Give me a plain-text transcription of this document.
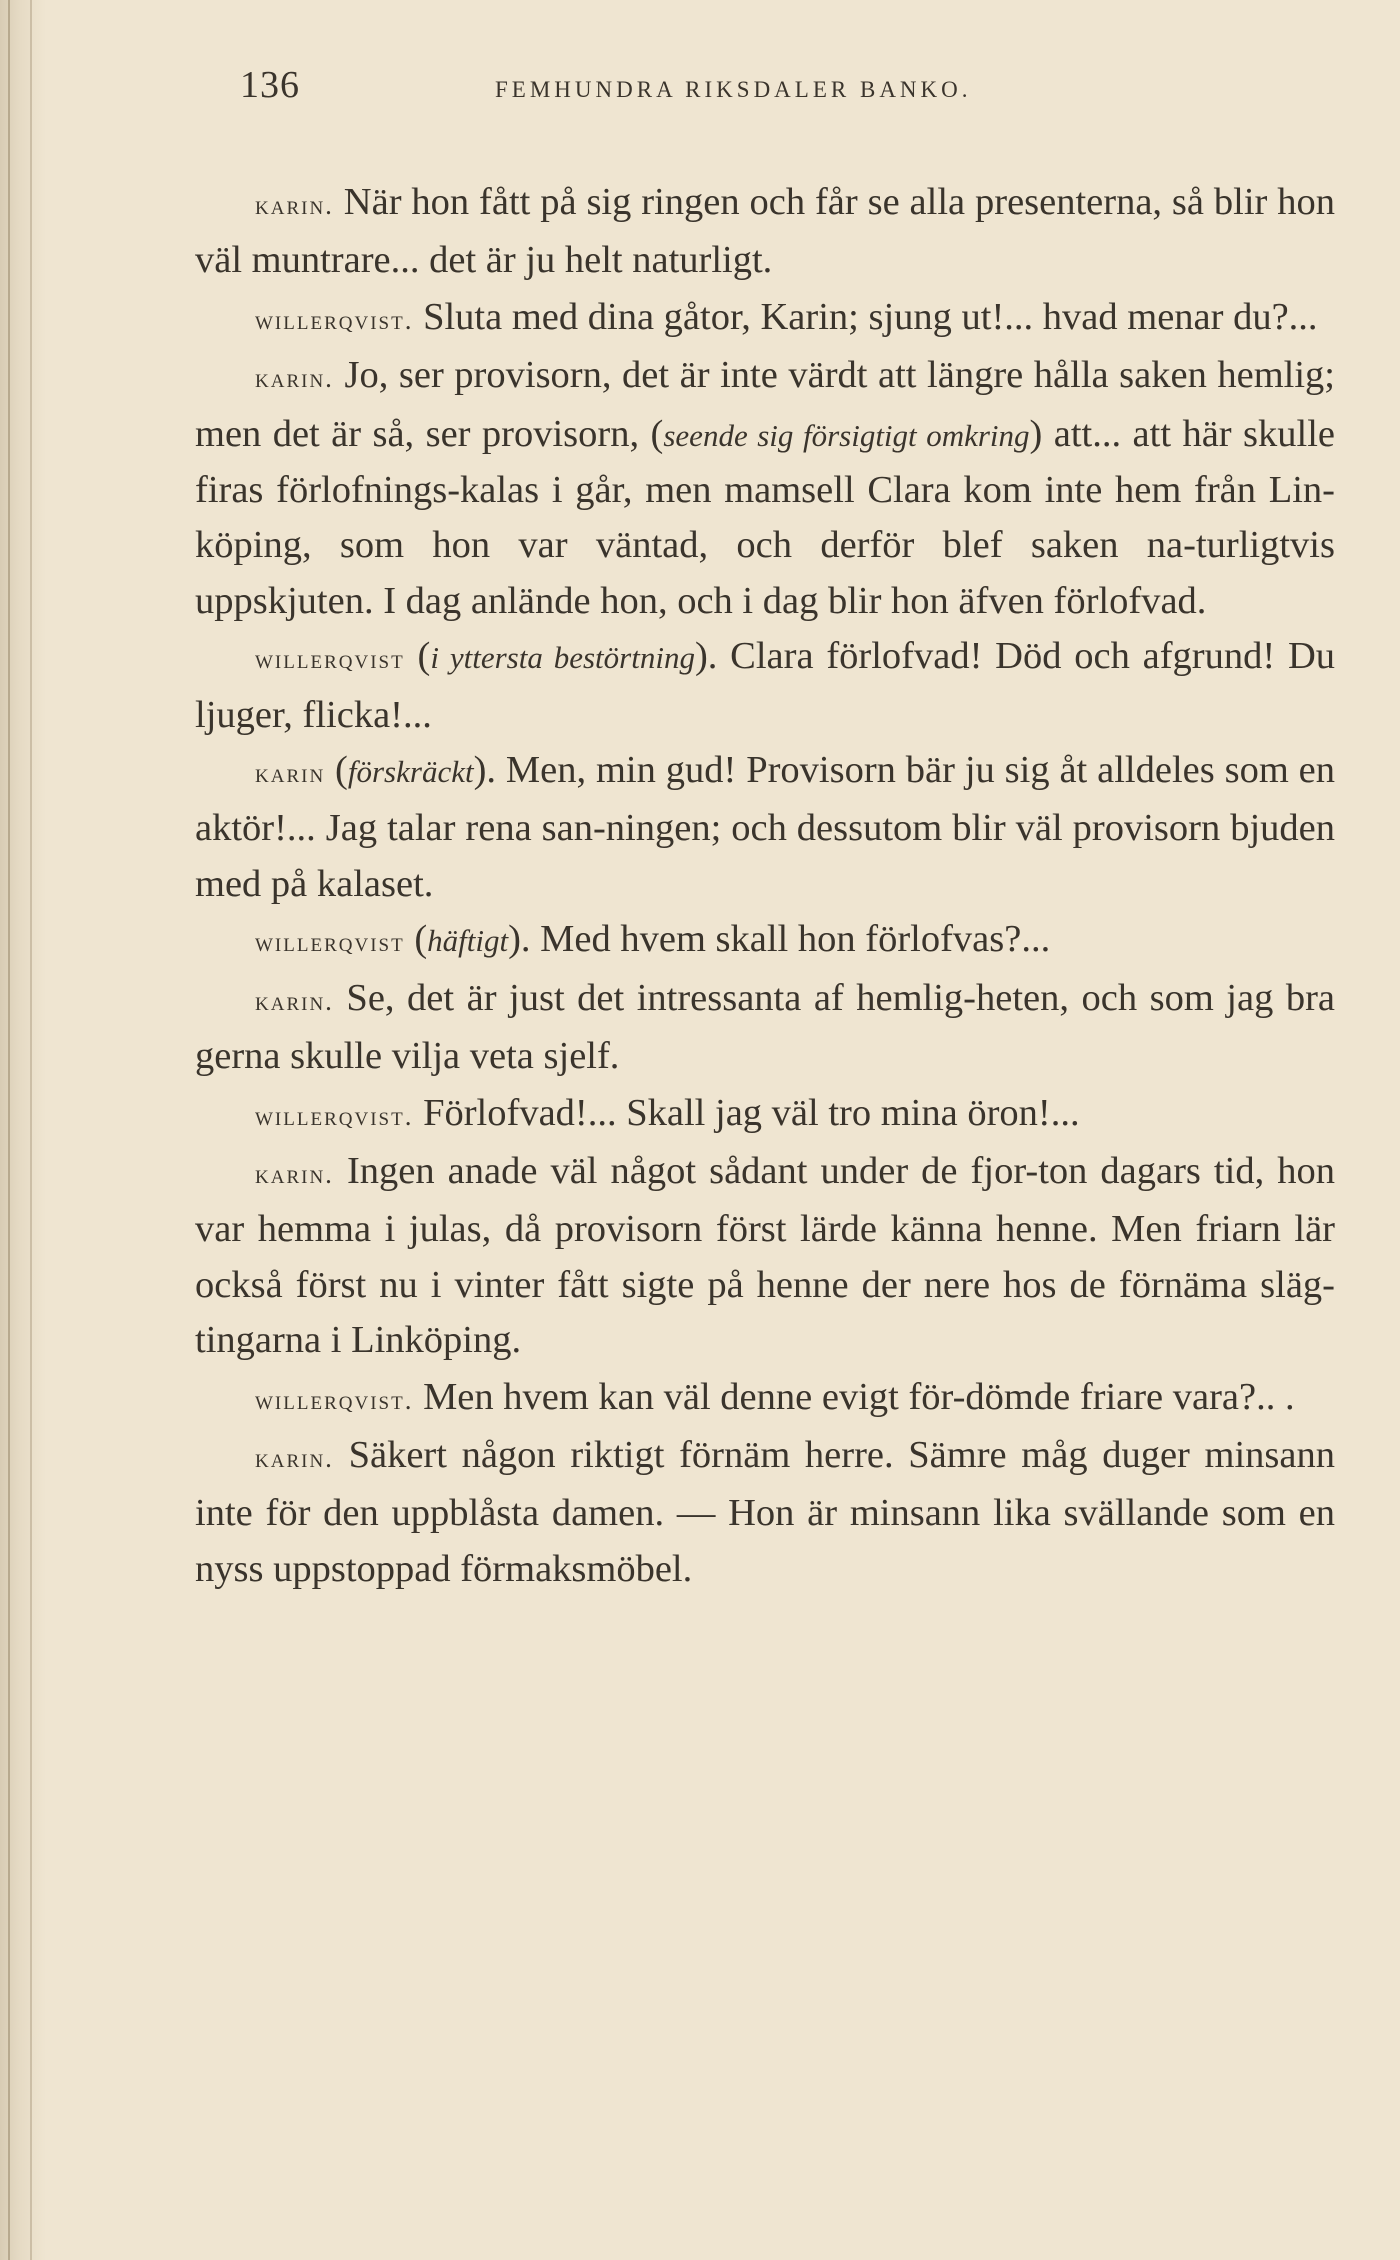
136	FEMHUNDRA RIKSDALER BANKO.

karin. När hon fått på sig ringen och får se alla presenterna, så blir hon väl muntrare... det är ju helt naturligt.

willerqvist. Sluta med dina gåtor, Karin; sjung ut!... hvad menar du?...

karin. Jo, ser provisorn, det är inte värdt att längre hålla saken hemlig; men det är så, ser provisorn, (seende sig försigtigt omkring) att... att här skulle firas förlofnings-kalas i går, men mamsell Clara kom inte hem från Lin-köping, som hon var väntad, och derför blef saken na-turligtvis uppskjuten. I dag anlände hon, och i dag blir hon äfven förlofvad.

willerqvist (i yttersta bestörtning). Clara förlofvad! Död och afgrund! Du ljuger, flicka!...

karin (förskräckt). Men, min gud! Provisorn bär ju sig åt alldeles som en aktör!... Jag talar rena san-ningen; och dessutom blir väl provisorn bjuden med på kalaset.

willerqvist (häftigt). Med hvem skall hon förlofvas?...

karin. Se, det är just det intressanta af hemlig-heten, och som jag bra gerna skulle vilja veta sjelf.

willerqvist. Förlofvad!... Skall jag väl tro mina öron!...

karin. Ingen anade väl något sådant under de fjor-ton dagars tid, hon var hemma i julas, då provisorn först lärde känna henne. Men friarn lär också först nu i vinter fått sigte på henne der nere hos de förnäma släg-tingarna i Linköping.

willerqvist. Men hvem kan väl denne evigt för-dömde friare vara?.. .

karin. Säkert någon riktigt förnäm herre. Sämre måg duger minsann inte för den uppblåsta damen. — Hon är minsann lika svällande som en nyss uppstoppad förmaksmöbel.
